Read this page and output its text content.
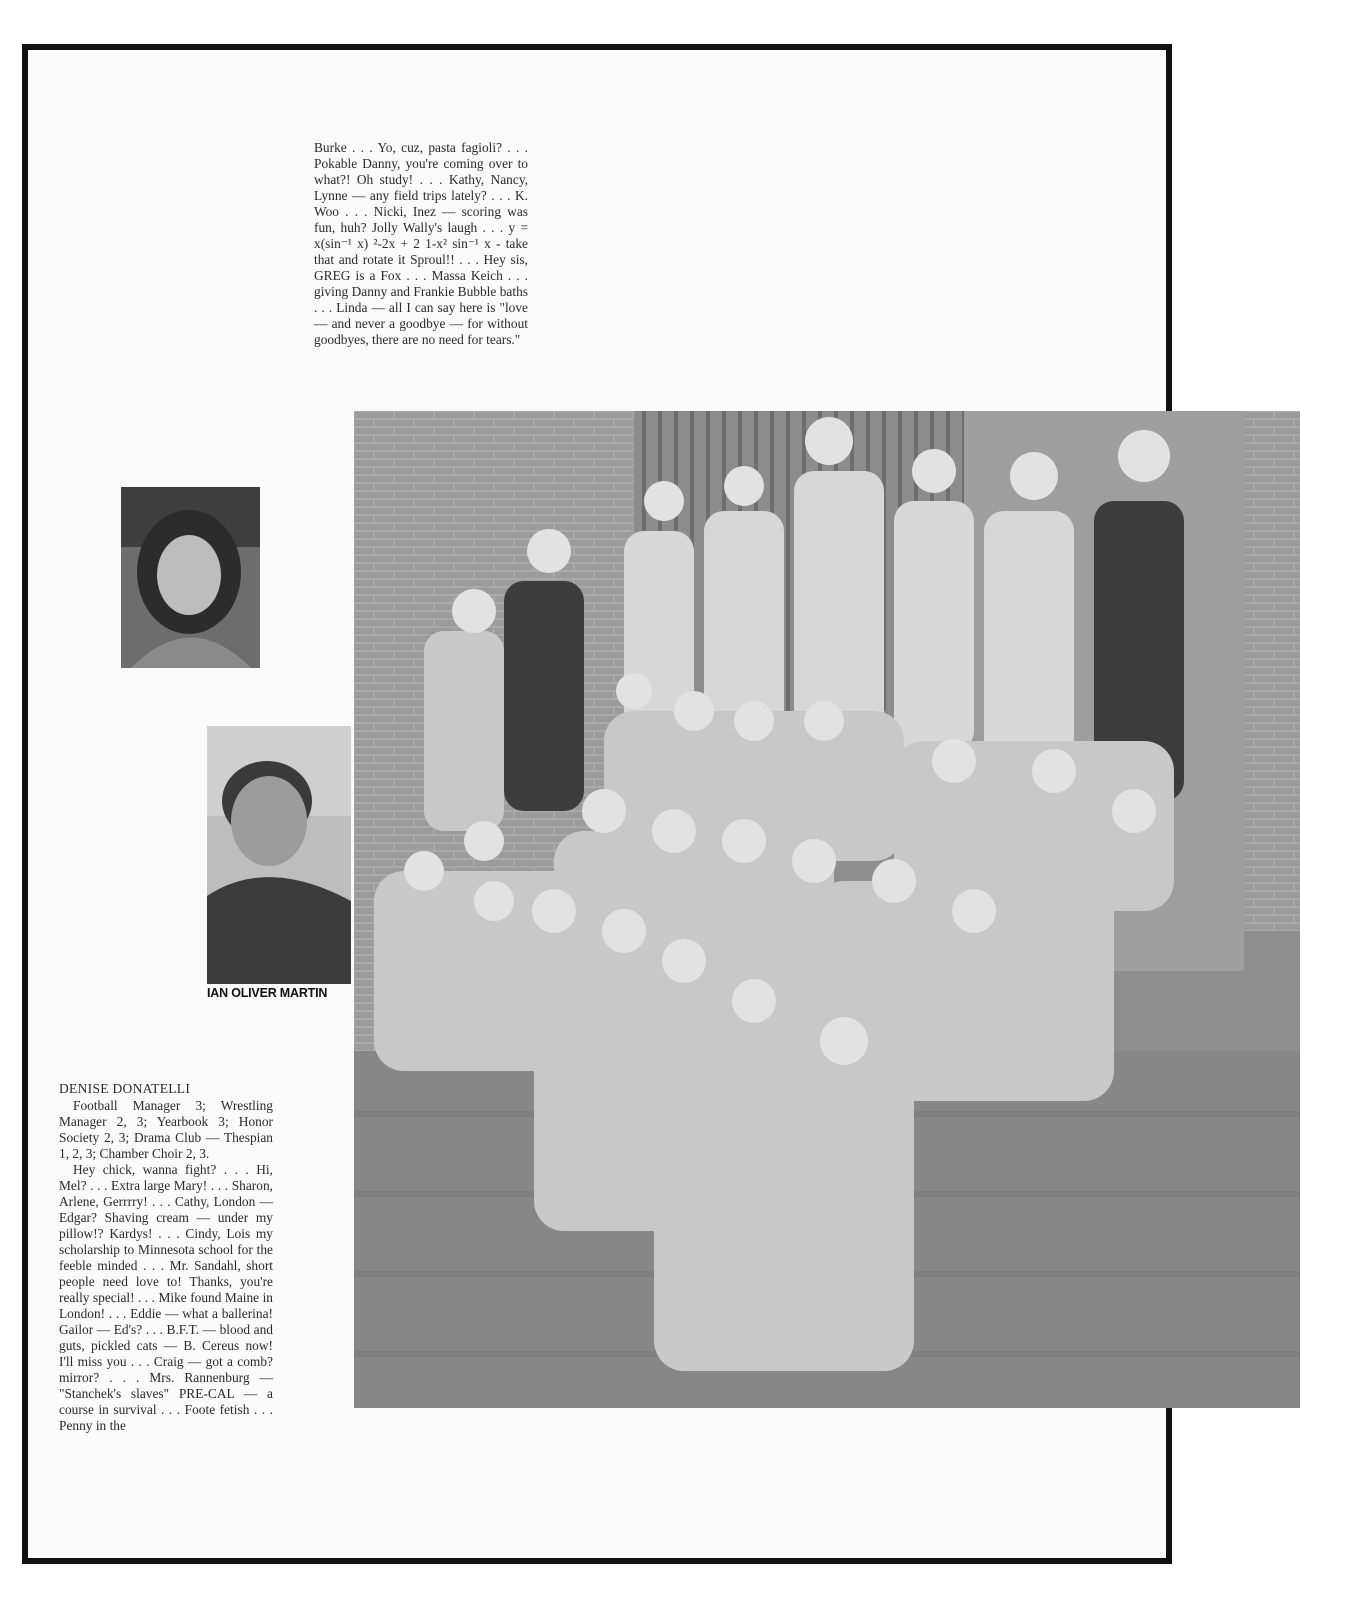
Burke . . . Yo, cuz, pasta fagioli? . . . Pokable Danny, you're coming over to what?! Oh study! . . . Kathy, Nancy, Lynne — any field trips lately? . . . K. Woo . . . Nicki, Inez — scoring was fun, huh? Jolly Wally's laugh . . . y = x(sin⁻¹ x) ²-2x + 2 1-x² sin⁻¹ x - take that and rotate it Sproul!! . . . Hey sis, GREG is a Fox . . . Massa Keich . . . giving Danny and Frankie Bubble baths . . . Linda — all I can say here is "love — and never a goodbye — for without goodbyes, there are no need for tears."
IAN OLIVER MARTIN
DENISE DONATELLI

Football Manager 3; Wrestling Manager 2, 3; Yearbook 3; Honor Society 2, 3; Drama Club — Thespian 1, 2, 3; Chamber Choir 2, 3.

Hey chick, wanna fight? . . . Hi, Mel? . . . Extra large Mary! . . . Sharon, Arlene, Gerrrry! . . . Cathy, London — Edgar? Shaving cream — under my pillow!? Kardys! . . . Cindy, Lois my scholarship to Minnesota school for the feeble minded . . . Mr. Sandahl, short people need love to! Thanks, you're really special! . . . Mike found Maine in London! . . . Eddie — what a ballerina! Gailor — Ed's? . . . B.F.T. — blood and guts, pickled cats — B. Cereus now! I'll miss you . . . Craig — got a comb? mirror? . . . Mrs. Rannenburg — "Stanchek's slaves" PRE-CAL — a course in survival . . . Foote fetish . . . Penny in the
